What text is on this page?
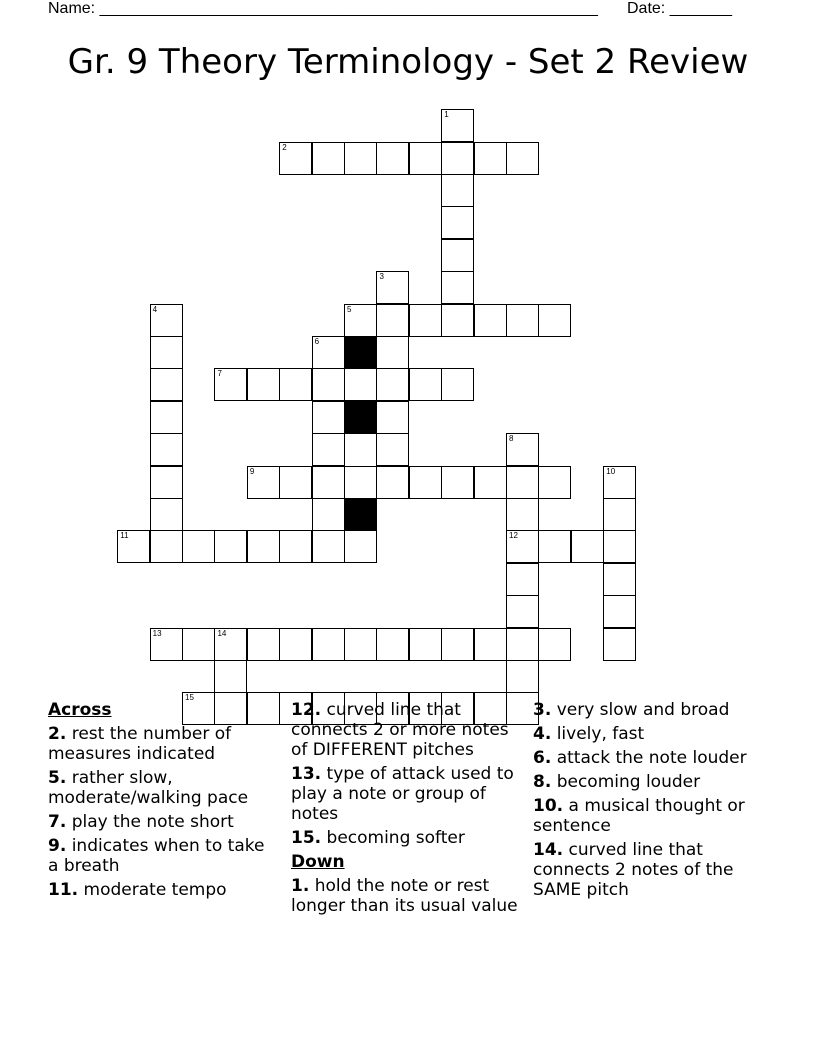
Name: ________________________________________________________ Date: _______
Gr. 9 Theory Terminology - Set 2 Review
1
2
3
4	5
6
7
8
12
9	10
11
13	14
15
Across
2. rest the number of measures indicated
5. rather slow, moderate/walking pace
7. play the note short
9. indicates when to take a breath
11. moderate tempo
12. curved line that connects 2 or more notes of DIFFERENT pitches
13. type of attack used to play a note or group of notes
15. becoming softer
Down
1. hold the note or rest longer than its usual value
3. very slow and broad
4. lively, fast
6. attack the note louder
8. becoming louder
10. a musical thought or sentence
14. curved line that connects 2 notes of the SAME pitch
